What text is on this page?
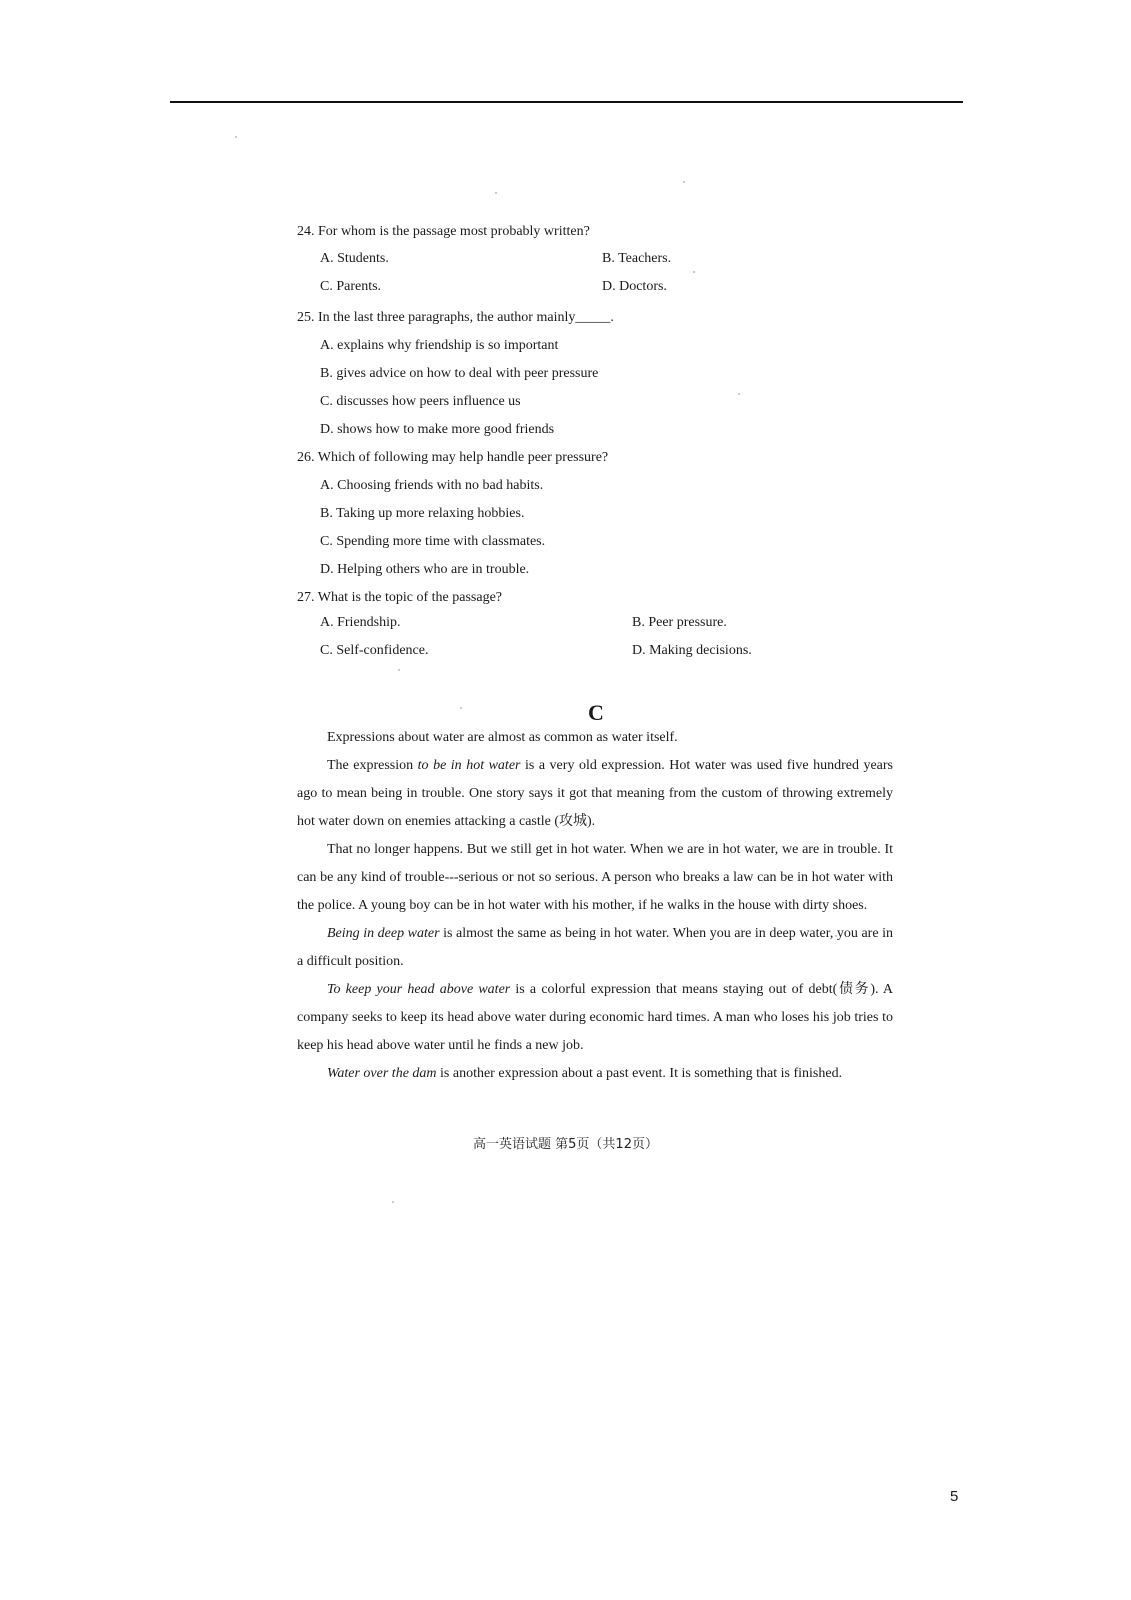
24. For whom is the passage most probably written?
A. Students.	B. Teachers.
C. Parents.	D. Doctors.
25. In the last three paragraphs, the author mainly_____.
A. explains why friendship is so important
B. gives advice on how to deal with peer pressure
C. discusses how peers influence us
D. shows how to make more good friends
26. Which of following may help handle peer pressure?
A. Choosing friends with no bad habits.
B. Taking up more relaxing hobbies.
C. Spending more time with classmates.
D. Helping others who are in trouble.
27. What is the topic of the passage?
A. Friendship.	B. Peer pressure.
C. Self-confidence.	D. Making decisions.
C

Expressions about water are almost as common as water itself.

The expression to be in hot water is a very old expression. Hot water was used five hundred years ago to mean being in trouble. One story says it got that meaning from the custom of throwing extremely hot water down on enemies attacking a castle (攻城).

That no longer happens. But we still get in hot water. When we are in hot water, we are in trouble. It can be any kind of trouble---serious or not so serious. A person who breaks a law can be in hot water with the police. A young boy can be in hot water with his mother, if he walks in the house with dirty shoes.

Being in deep water is almost the same as being in hot water. When you are in deep water, you are in a difficult position.

To keep your head above water is a colorful expression that means staying out of debt(债务). A company seeks to keep its head above water during economic hard times. A man who loses his job tries to keep his head above water until he finds a new job.

Water over the dam is another expression about a past event. It is something that is finished.

高一英语试题 第5页（共12页）
5
